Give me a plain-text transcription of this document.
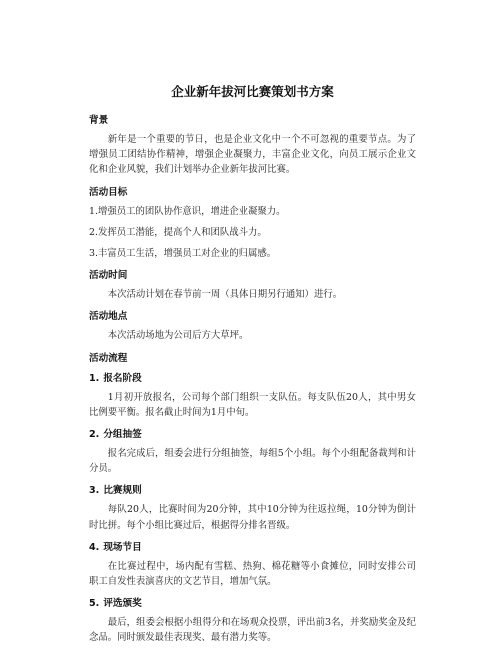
企业新年拔河比赛策划书方案
背景

新年是一个重要的节日，也是企业文化中一个不可忽视的重要节点。为了增强员工团结协作精神，增强企业凝聚力，丰富企业文化，向员工展示企业文化和企业风貌，我们计划举办企业新年拔河比赛。

活动目标

1.增强员工的团队协作意识，增进企业凝聚力。

2.发挥员工潜能，提高个人和团队战斗力。

3.丰富员工生活，增强员工对企业的归属感。

活动时间

本次活动计划在春节前一周（具体日期另行通知）进行。

活动地点

本次活动场地为公司后方大草坪。

活动流程
1. 报名阶段

1月初开放报名，公司每个部门组织一支队伍。每支队伍20人，其中男女比例要平衡。报名截止时间为1月中旬。

2. 分组抽签

报名完成后，组委会进行分组抽签，每组5个小组。每个小组配备裁判和计分员。

3. 比赛规则

每队20人，比赛时间为20分钟，其中10分钟为往返拉绳，10分钟为倒计时比拼。每个小组比赛过后，根据得分排名晋级。

4. 现场节目

在比赛过程中，场内配有雪糕、热狗、棉花糖等小食摊位，同时安排公司职工自发性表演喜庆的文艺节目，增加气氛。

5. 评选颁奖

最后，组委会根据小组得分和在场观众投票，评出前3名，并奖励奖金及纪念品。同时颁发最佳表现奖、最有潜力奖等。
